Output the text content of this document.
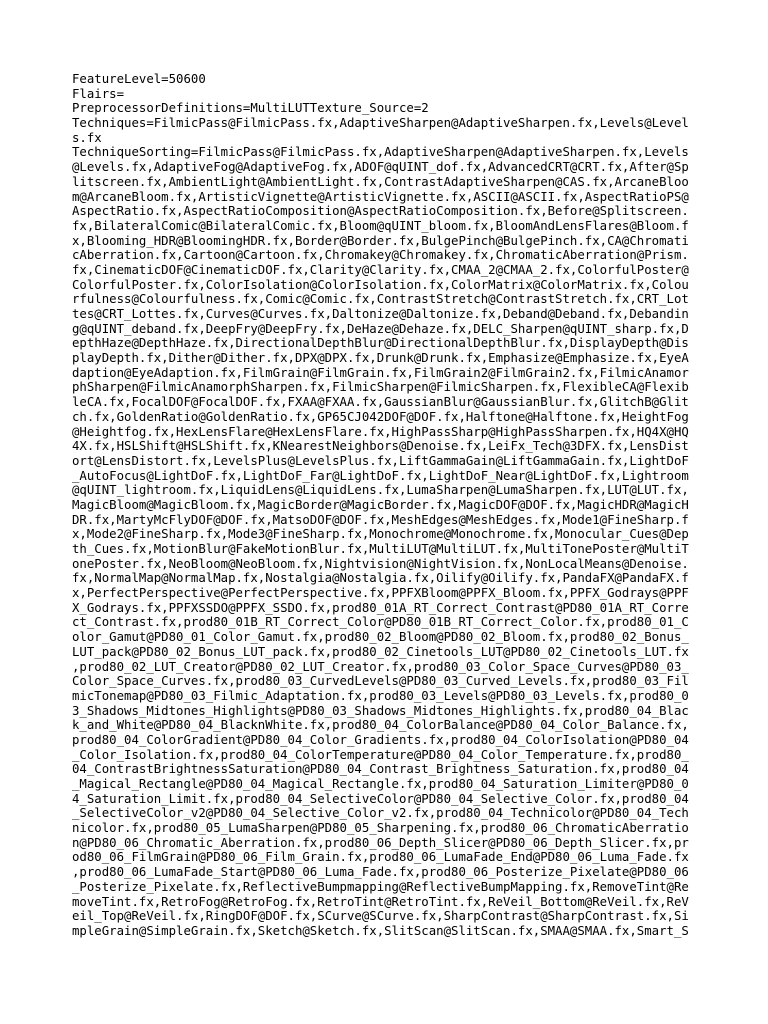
FeatureLevel=50600
Flairs=
PreprocessorDefinitions=MultiLUTTexture_Source=2
Techniques=FilmicPass@FilmicPass.fx,AdaptiveSharpen@AdaptiveSharpen.fx,Levels@Level
s.fx
TechniqueSorting=FilmicPass@FilmicPass.fx,AdaptiveSharpen@AdaptiveSharpen.fx,Levels
@Levels.fx,AdaptiveFog@AdaptiveFog.fx,ADOF@qUINT_dof.fx,AdvancedCRT@CRT.fx,After@Sp
litscreen.fx,AmbientLight@AmbientLight.fx,ContrastAdaptiveSharpen@CAS.fx,ArcaneBloo
m@ArcaneBloom.fx,ArtisticVignette@ArtisticVignette.fx,ASCII@ASCII.fx,AspectRatioPS@
AspectRatio.fx,AspectRatioComposition@AspectRatioComposition.fx,Before@Splitscreen.
fx,BilateralComic@BilateralComic.fx,Bloom@qUINT_bloom.fx,BloomAndLensFlares@Bloom.f
x,Blooming_HDR@BloomingHDR.fx,Border@Border.fx,BulgePinch@BulgePinch.fx,CA@Chromati
cAberration.fx,Cartoon@Cartoon.fx,Chromakey@Chromakey.fx,ChromaticAberration@Prism.
fx,CinematicDOF@CinematicDOF.fx,Clarity@Clarity.fx,CMAA_2@CMAA_2.fx,ColorfulPoster@
ColorfulPoster.fx,ColorIsolation@ColorIsolation.fx,ColorMatrix@ColorMatrix.fx,Colou
rfulness@Colourfulness.fx,Comic@Comic.fx,ContrastStretch@ContrastStretch.fx,CRT_Lot
tes@CRT_Lottes.fx,Curves@Curves.fx,Daltonize@Daltonize.fx,Deband@Deband.fx,Debandin
g@qUINT_deband.fx,DeepFry@DeepFry.fx,DeHaze@Dehaze.fx,DELC_Sharpen@qUINT_sharp.fx,D
epthHaze@DepthHaze.fx,DirectionalDepthBlur@DirectionalDepthBlur.fx,DisplayDepth@Dis
playDepth.fx,Dither@Dither.fx,DPX@DPX.fx,Drunk@Drunk.fx,Emphasize@Emphasize.fx,EyeA
daption@EyeAdaption.fx,FilmGrain@FilmGrain.fx,FilmGrain2@FilmGrain2.fx,FilmicAnamor
phSharpen@FilmicAnamorphSharpen.fx,FilmicSharpen@FilmicSharpen.fx,FlexibleCA@Flexib
leCA.fx,FocalDOF@FocalDOF.fx,FXAA@FXAA.fx,GaussianBlur@GaussianBlur.fx,GlitchB@Glit
ch.fx,GoldenRatio@GoldenRatio.fx,GP65CJ042DOF@DOF.fx,Halftone@Halftone.fx,HeightFog
@Heightfog.fx,HexLensFlare@HexLensFlare.fx,HighPassSharp@HighPassSharpen.fx,HQ4X@HQ
4X.fx,HSLShift@HSLShift.fx,KNearestNeighbors@Denoise.fx,LeiFx_Tech@3DFX.fx,LensDist
ort@LensDistort.fx,LevelsPlus@LevelsPlus.fx,LiftGammaGain@LiftGammaGain.fx,LightDoF
_AutoFocus@LightDoF.fx,LightDoF_Far@LightDoF.fx,LightDoF_Near@LightDoF.fx,Lightroom
@qUINT_lightroom.fx,LiquidLens@LiquidLens.fx,LumaSharpen@LumaSharpen.fx,LUT@LUT.fx,
MagicBloom@MagicBloom.fx,MagicBorder@MagicBorder.fx,MagicDOF@DOF.fx,MagicHDR@MagicH
DR.fx,MartyMcFlyDOF@DOF.fx,MatsoDOF@DOF.fx,MeshEdges@MeshEdges.fx,Mode1@FineSharp.f
x,Mode2@FineSharp.fx,Mode3@FineSharp.fx,Monochrome@Monochrome.fx,Monocular_Cues@Dep
th_Cues.fx,MotionBlur@FakeMotionBlur.fx,MultiLUT@MultiLUT.fx,MultiTonePoster@MultiT
onePoster.fx,NeoBloom@NeoBloom.fx,Nightvision@NightVision.fx,NonLocalMeans@Denoise.
fx,NormalMap@NormalMap.fx,Nostalgia@Nostalgia.fx,Oilify@Oilify.fx,PandaFX@PandaFX.f
x,PerfectPerspective@PerfectPerspective.fx,PPFXBloom@PPFX_Bloom.fx,PPFX_Godrays@PPF
X_Godrays.fx,PPFXSSDO@PPFX_SSDO.fx,prod80_01A_RT_Correct_Contrast@PD80_01A_RT_Corre
ct_Contrast.fx,prod80_01B_RT_Correct_Color@PD80_01B_RT_Correct_Color.fx,prod80_01_C
olor_Gamut@PD80_01_Color_Gamut.fx,prod80_02_Bloom@PD80_02_Bloom.fx,prod80_02_Bonus_
LUT_pack@PD80_02_Bonus_LUT_pack.fx,prod80_02_Cinetools_LUT@PD80_02_Cinetools_LUT.fx
,prod80_02_LUT_Creator@PD80_02_LUT_Creator.fx,prod80_03_Color_Space_Curves@PD80_03_
Color_Space_Curves.fx,prod80_03_CurvedLevels@PD80_03_Curved_Levels.fx,prod80_03_Fil
micTonemap@PD80_03_Filmic_Adaptation.fx,prod80_03_Levels@PD80_03_Levels.fx,prod80_0
3_Shadows_Midtones_Highlights@PD80_03_Shadows_Midtones_Highlights.fx,prod80_04_Blac
k_and_White@PD80_04_BlacknWhite.fx,prod80_04_ColorBalance@PD80_04_Color_Balance.fx,
prod80_04_ColorGradient@PD80_04_Color_Gradients.fx,prod80_04_ColorIsolation@PD80_04
_Color_Isolation.fx,prod80_04_ColorTemperature@PD80_04_Color_Temperature.fx,prod80_
04_ContrastBrightnessSaturation@PD80_04_Contrast_Brightness_Saturation.fx,prod80_04
_Magical_Rectangle@PD80_04_Magical_Rectangle.fx,prod80_04_Saturation_Limiter@PD80_0
4_Saturation_Limit.fx,prod80_04_SelectiveColor@PD80_04_Selective_Color.fx,prod80_04
_SelectiveColor_v2@PD80_04_Selective_Color_v2.fx,prod80_04_Technicolor@PD80_04_Tech
nicolor.fx,prod80_05_LumaSharpen@PD80_05_Sharpening.fx,prod80_06_ChromaticAberratio
n@PD80_06_Chromatic_Aberration.fx,prod80_06_Depth_Slicer@PD80_06_Depth_Slicer.fx,pr
od80_06_FilmGrain@PD80_06_Film_Grain.fx,prod80_06_LumaFade_End@PD80_06_Luma_Fade.fx
,prod80_06_LumaFade_Start@PD80_06_Luma_Fade.fx,prod80_06_Posterize_Pixelate@PD80_06
_Posterize_Pixelate.fx,ReflectiveBumpmapping@ReflectiveBumpMapping.fx,RemoveTint@Re
moveTint.fx,RetroFog@RetroFog.fx,RetroTint@RetroTint.fx,ReVeil_Bottom@ReVeil.fx,ReV
eil_Top@ReVeil.fx,RingDOF@DOF.fx,SCurve@SCurve.fx,SharpContrast@SharpContrast.fx,Si
mpleGrain@SimpleGrain.fx,Sketch@Sketch.fx,SlitScan@SlitScan.fx,SMAA@SMAA.fx,Smart_S
